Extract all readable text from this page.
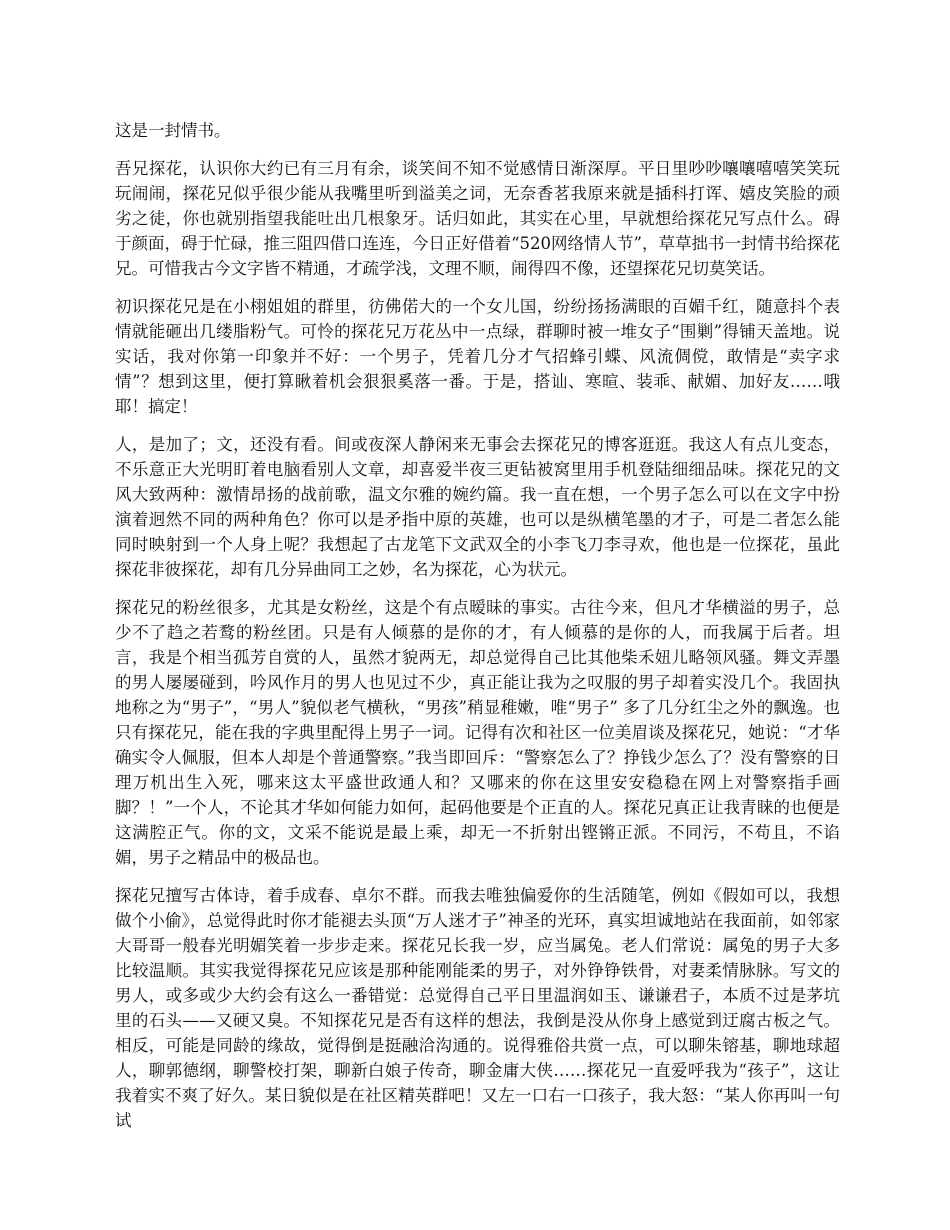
这是一封情书。

吾兄探花，认识你大约已有三月有余，谈笑间不知不觉感情日渐深厚。平日里吵吵嚷嚷嘻嘻笑笑玩玩闹闹，探花兄似乎很少能从我嘴里听到溢美之词，无奈香茗我原来就是插科打诨、嬉皮笑脸的顽劣之徒，你也就别指望我能吐出几根象牙。话归如此，其实在心里，早就想给探花兄写点什么。碍于颜面，碍于忙碌，推三阻四借口连连，今日正好借着“520网络情人节”，草草拙书一封情书给探花兄。可惜我古今文字皆不精通，才疏学浅，文理不顺，闹得四不像，还望探花兄切莫笑话。

初识探花兄是在小栩姐姐的群里，彷佛偌大的一个女儿国，纷纷扬扬满眼的百媚千红，随意抖个表情就能砸出几缕脂粉气。可怜的探花兄万花丛中一点绿，群聊时被一堆女子“围剿”得铺天盖地。说实话，我对你第一印象并不好：一个男子，凭着几分才气招蜂引蝶、风流倜傥，敢情是“卖字求情”？想到这里，便打算瞅着机会狠狠奚落一番。于是，搭讪、寒暄、装乖、献媚、加好友……哦耶！搞定！

人，是加了；文，还没有看。间或夜深人静闲来无事会去探花兄的博客逛逛。我这人有点儿变态，不乐意正大光明盯着电脑看别人文章，却喜爱半夜三更钻被窝里用手机登陆细细品味。探花兄的文风大致两种：激情昂扬的战前歌，温文尔雅的婉约篇。我一直在想，一个男子怎么可以在文字中扮演着迥然不同的两种角色？你可以是矛指中原的英雄，也可以是纵横笔墨的才子，可是二者怎么能同时映射到一个人身上呢？我想起了古龙笔下文武双全的小李飞刀李寻欢，他也是一位探花，虽此探花非彼探花，却有几分异曲同工之妙，名为探花，心为状元。

探花兄的粉丝很多，尤其是女粉丝，这是个有点暧昧的事实。古往今来，但凡才华横溢的男子，总少不了趋之若鹜的粉丝团。只是有人倾慕的是你的才，有人倾慕的是你的人，而我属于后者。坦言，我是个相当孤芳自赏的人，虽然才貌两无，却总觉得自己比其他柴禾妞儿略领风骚。舞文弄墨的男人屡屡碰到，吟风作月的男人也见过不少，真正能让我为之叹服的男子却着实没几个。我固执地称之为“男子”，“男人”貌似老气横秋，“男孩”稍显稚嫩，唯“男子” 多了几分红尘之外的飘逸。也只有探花兄，能在我的字典里配得上男子一词。记得有次和社区一位美眉谈及探花兄，她说：“才华确实令人佩服，但本人却是个普通警察。”我当即回斥：“警察怎么了？挣钱少怎么了？没有警察的日理万机出生入死，哪来这太平盛世政通人和？又哪来的你在这里安安稳稳在网上对警察指手画脚？！”一个人，不论其才华如何能力如何，起码他要是个正直的人。探花兄真正让我青睐的也便是这满腔正气。你的文，文采不能说是最上乘，却无一不折射出铿锵正派。不同污，不苟且，不谄媚，男子之精品中的极品也。

探花兄擅写古体诗，着手成春、卓尔不群。而我去唯独偏爱你的生活随笔，例如《假如可以，我想做个小偷》，总觉得此时你才能褪去头顶“万人迷才子”神圣的光环，真实坦诚地站在我面前，如邻家大哥哥一般春光明媚笑着一步步走来。探花兄长我一岁，应当属兔。老人们常说：属兔的男子大多比较温顺。其实我觉得探花兄应该是那种能刚能柔的男子，对外铮铮铁骨，对妻柔情脉脉。写文的男人，或多或少大约会有这么一番错觉：总觉得自己平日里温润如玉、谦谦君子，本质不过是茅坑里的石头——又硬又臭。不知探花兄是否有这样的想法，我倒是没从你身上感觉到迂腐古板之气。相反，可能是同龄的缘故，觉得倒是挺融洽沟通的。说得雅俗共赏一点，可以聊朱镕基，聊地球超人，聊郭德纲，聊警校打架，聊新白娘子传奇，聊金庸大侠……探花兄一直爱呼我为“孩子”，这让我着实不爽了好久。某日貌似是在社区精英群吧！又左一口右一口孩子，我大怒：“某人你再叫一句试
